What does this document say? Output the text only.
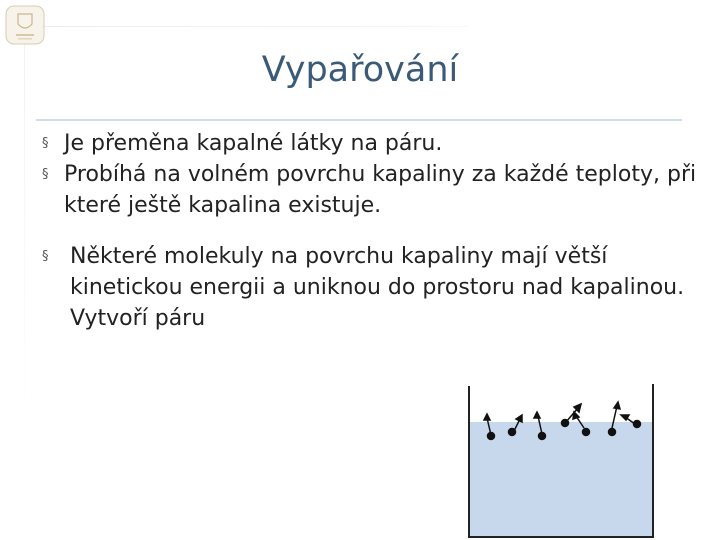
Vypařování
§ Je přeměna kapalné látky na páru.
§ Probíhá na volném povrchu kapaliny za každé teploty, při které ještě kapalina existuje.
§ Některé molekuly na povrchu kapaliny mají větší kinetickou energii a uniknou do prostoru nad kapalinou. Vytvoří páru
